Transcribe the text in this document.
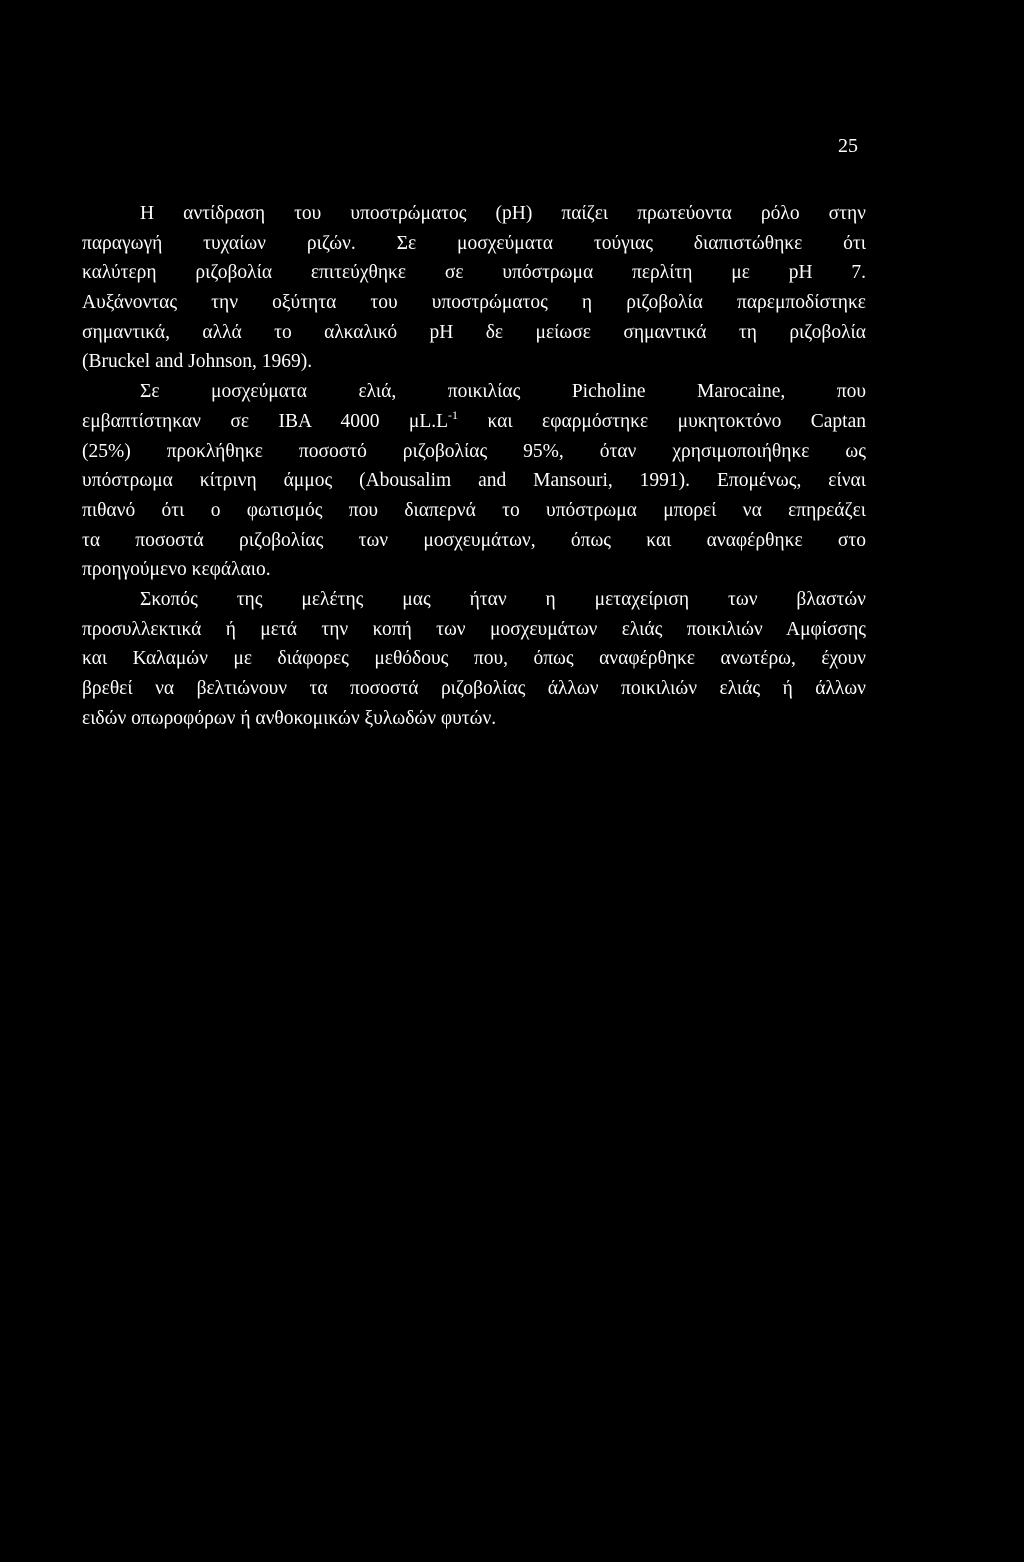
25
Η αντίδραση του υποστρώματος (pH) παίζει πρωτεύοντα ρόλο στην
παραγωγή τυχαίων ριζών. Σε μοσχεύματα τούγιας διαπιστώθηκε ότι
καλύτερη ριζοβολία επιτεύχθηκε σε υπόστρωμα περλίτη με pH 7.
Αυξάνοντας την οξύτητα του υποστρώματος η ριζοβολία παρεμποδίστηκε
σημαντικά, αλλά το αλκαλικό pH δε μείωσε σημαντικά τη ριζοβολία
(Bruckel and Johnson, 1969).
Σε μοσχεύματα ελιά, ποικιλίας Picholine Marocaine, που
εμβαπτίστηκαν σε IBA 4000 $\mu L.L^{-1}$ και εφαρμόστηκε μυκητοκτόνο Captan
(25%) προκλήθηκε ποσοστό ριζοβολίας 95%, όταν χρησιμοποιήθηκε ως
υπόστρωμα κίτρινη άμμος (Abousalim and Mansouri, 1991). Επομένως, είναι
πιθανό ότι ο φωτισμός που διαπερνά το υπόστρωμα μπορεί να επηρεάζει
τα ποσοστά ριζοβολίας των μοσχευμάτων, όπως και αναφέρθηκε στο
προηγούμενο κεφάλαιο.
Σκοπός της μελέτης μας ήταν η μεταχείριση των βλαστών
προσυλλεκτικά ή μετά την κοπή των μοσχευμάτων ελιάς ποικιλιών Αμφίσσης
και Καλαμών με διάφορες μεθόδους που, όπως αναφέρθηκε ανωτέρω, έχουν
βρεθεί να βελτιώνουν τα ποσοστά ριζοβολίας άλλων ποικιλιών ελιάς ή άλλων
ειδών οπωροφόρων ή ανθοκομικών ξυλωδών φυτών.
